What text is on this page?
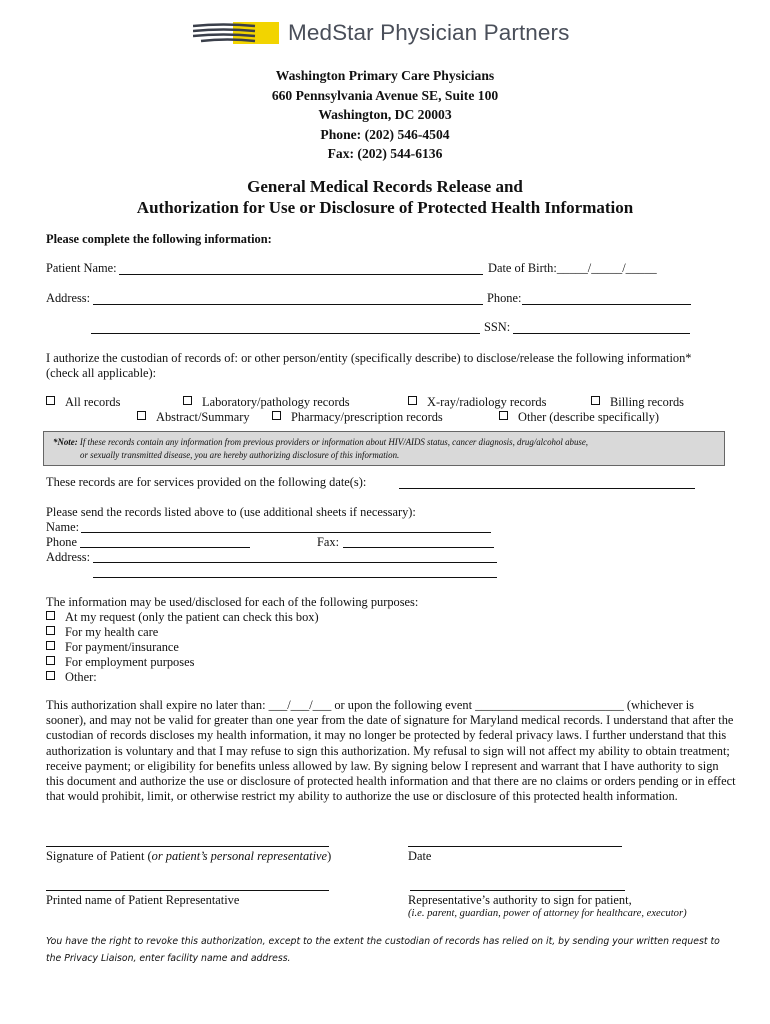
MedStar Physician Partners
Washington Primary Care Physicians
660 Pennsylvania Avenue SE, Suite 100
Washington, DC 20003
Phone: (202) 546-4504
Fax: (202) 544-6136
General Medical Records Release and
Authorization for Use or Disclosure of Protected Health Information
Please complete the following information:
Patient Name:	Date of Birth:_____/_____/_____
Address:	Phone:
SSN:
I authorize the custodian of records of: or other person/entity (specifically describe) to disclose/release the following information*
(check all applicable):
All records	Laboratory/pathology records	X-ray/radiology records	Billing records
Abstract/Summary	Pharmacy/prescription records	Other (describe specifically)
*Note: If these records contain any information from previous providers or information about HIV/AIDS status, cancer diagnosis, drug/alcohol abuse,
or sexually transmitted disease, you are hereby authorizing disclosure of this information.
These records are for services provided on the following date(s):
Please send the records listed above to (use additional sheets if necessary):
Name:
Phone	Fax:
Address:
The information may be used/disclosed for each of the following purposes:
At my request (only the patient can check this box)
For my health care
For payment/insurance
For employment purposes
Other:
This authorization shall expire no later than: ___/___/___ or upon the following event ________________________ (whichever is sooner), and may not be valid for greater than one year from the date of signature for Maryland medical records. I understand that after the custodian of records discloses my health information, it may no longer be protected by federal privacy laws. I further understand that this authorization is voluntary and that I may refuse to sign this authorization. My refusal to sign will not affect my ability to obtain treatment; receive payment; or eligibility for benefits unless allowed by law. By signing below I represent and warrant that I have authority to sign this document and authorize the use or disclosure of protected health information and that there are no claims or orders pending or in effect that would prohibit, limit, or otherwise restrict my ability to authorize the use or disclosure of this protected health information.
Signature of Patient (or patient’s personal representative)	Date
Printed name of Patient Representative	Representative’s authority to sign for patient,
(i.e. parent, guardian, power of attorney for healthcare, executor)
You have the right to revoke this authorization, except to the extent the custodian of records has relied on it, by sending your written request to the Privacy Liaison, enter facility name and address.
